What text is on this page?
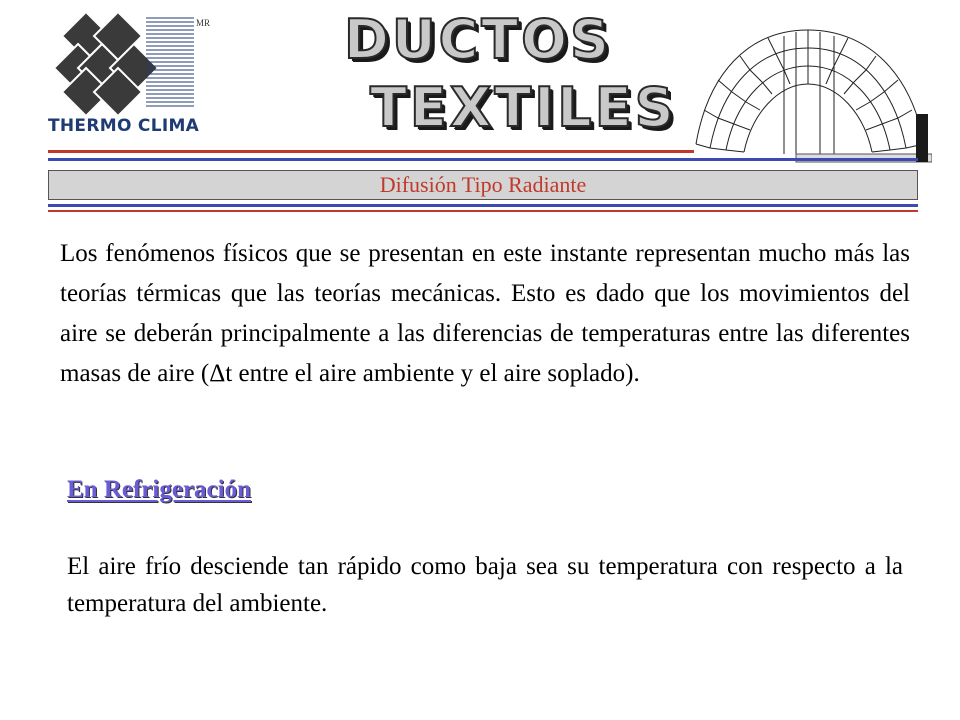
MR
THERMO CLIMA
DUCTOS
TEXTILES
Difusión Tipo Radiante

Los fenómenos físicos que se presentan en este instante representan mucho más las teorías térmicas que las teorías mecánicas. Esto es dado que los movimientos del aire se deberán principalmente a las diferencias de temperaturas entre las diferentes masas de aire (Δt entre el aire ambiente y el aire soplado).

En Refrigeración

El aire frío desciende tan rápido como baja sea su temperatura con respecto a la temperatura del ambiente.
